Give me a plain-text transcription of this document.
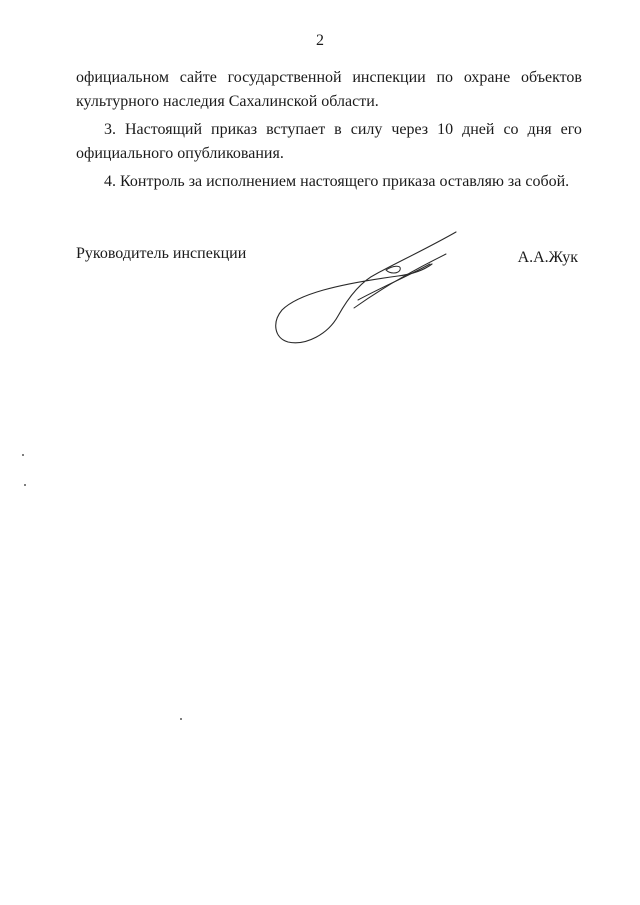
2
официальном сайте государственной инспекции по охране объектов
культурного наследия Сахалинской области.
3. Настоящий приказ вступает в силу через 10 дней со дня его
официального опубликования.
4. Контроль за исполнением настоящего приказа оставляю за собой.
Руководитель инспекции	А.А.Жук
